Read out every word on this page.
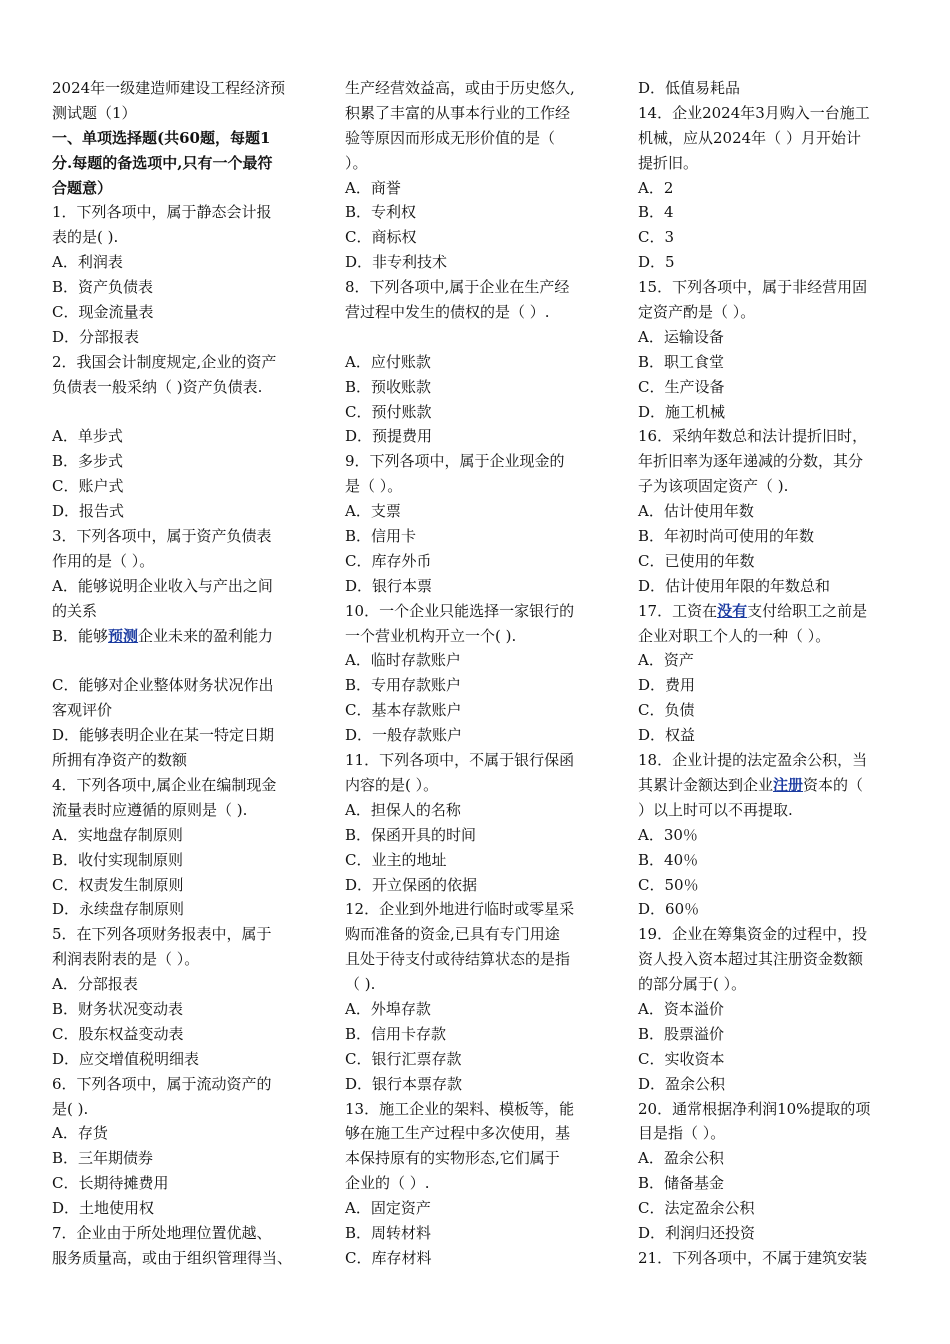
2024年一级建造师建设工程经济预
测试题（1）
一、单项选择题(共60题，每题1
分.每题的备选项中,只有一个最符
合题意）
1．下列各项中，属于静态会计报
表的是( ).
A．利润表
B．资产负债表
C．现金流量表
D．分部报表
2．我国会计制度规定,企业的资产
负债表一般采纳（ )资产负债表.
A．单步式
B．多步式
C．账户式
D．报告式
3．下列各项中，属于资产负债表
作用的是（ ）。
A．能够说明企业收入与产出之间
的关系
B．能够预测企业未来的盈利能力
C．能够对企业整体财务状况作出
客观评价
D．能够表明企业在某一特定日期
所拥有净资产的数额
4．下列各项中,属企业在编制现金
流量表时应遵循的原则是（ ).
A．实地盘存制原则
B．收付实现制原则
C．权责发生制原则
D．永续盘存制原则
5．在下列各项财务报表中，属于
利润表附表的是（ ）。
A．分部报表
B．财务状况变动表
C．股东权益变动表
D．应交增值税明细表
6．下列各项中，属于流动资产的
是( ).
A．存货
B．三年期债券
C．长期待摊费用
D．土地使用权
7．企业由于所处地理位置优越、
服务质量高，或由于组织管理得当、
生产经营效益高，或由于历史悠久,
积累了丰富的从事本行业的工作经
验等原因而形成无形价值的是（
）。
A．商誉
B．专利权
C．商标权
D．非专利技术
8．下列各项中,属于企业在生产经
营过程中发生的债权的是（ ）.
A．应付账款
B．预收账款
C．预付账款
D．预提费用
9．下列各项中，属于企业现金的
是（ ）。
A．支票
B．信用卡
C．库存外币
D．银行本票
10．一个企业只能选择一家银行的
一个营业机构开立一个( ).
A．临时存款账户
B．专用存款账户
C．基本存款账户
D．一般存款账户
11．下列各项中，不属于银行保函
内容的是( ）。
A．担保人的名称
B．保函开具的时间
C．业主的地址
D．开立保函的依据
12．企业到外地进行临时或零星采
购而准备的资金,已具有专门用途
且处于待支付或待结算状态的是指
（ ).
A．外埠存款
B．信用卡存款
C．银行汇票存款
D．银行本票存款
13．施工企业的架料、模板等，能
够在施工生产过程中多次使用，基
本保持原有的实物形态,它们属于
企业的（ ）.
A．固定资产
B．周转材料
C．库存材料
D．低值易耗品
14．企业2024年3月购入一台施工
机械，应从2024年（ ）月开始计
提折旧。
A．2
B．4
C．3
D．5
15．下列各项中，属于非经营用固
定资产酌是（ ）。
A．运输设备
B．职工食堂
C．生产设备
D．施工机械
16．采纳年数总和法计提折旧时，
年折旧率为逐年递减的分数，其分
子为该项固定资产（ ).
A．估计使用年数
B．年初时尚可使用的年数
C．已使用的年数
D．估计使用年限的年数总和
17．工资在没有支付给职工之前是
企业对职工个人的一种（ ）。
A．资产
D．费用
C．负债
D．权益
18．企业计提的法定盈余公积，当
其累计金额达到企业注册资本的（
）以上时可以不再提取.
A．30％
B．40％
C．50％
D．60％
19．企业在筹集资金的过程中，投
资人投入资本超过其注册资金数额
的部分属于( ）。
A．资本溢价
B．股票溢价
C．实收资本
D．盈余公积
20．通常根据净利润10%提取的项
目是指（ ）。
A．盈余公积
B．储备基金
C．法定盈余公积
D．利润归还投资
21．下列各项中，不属于建筑安装
